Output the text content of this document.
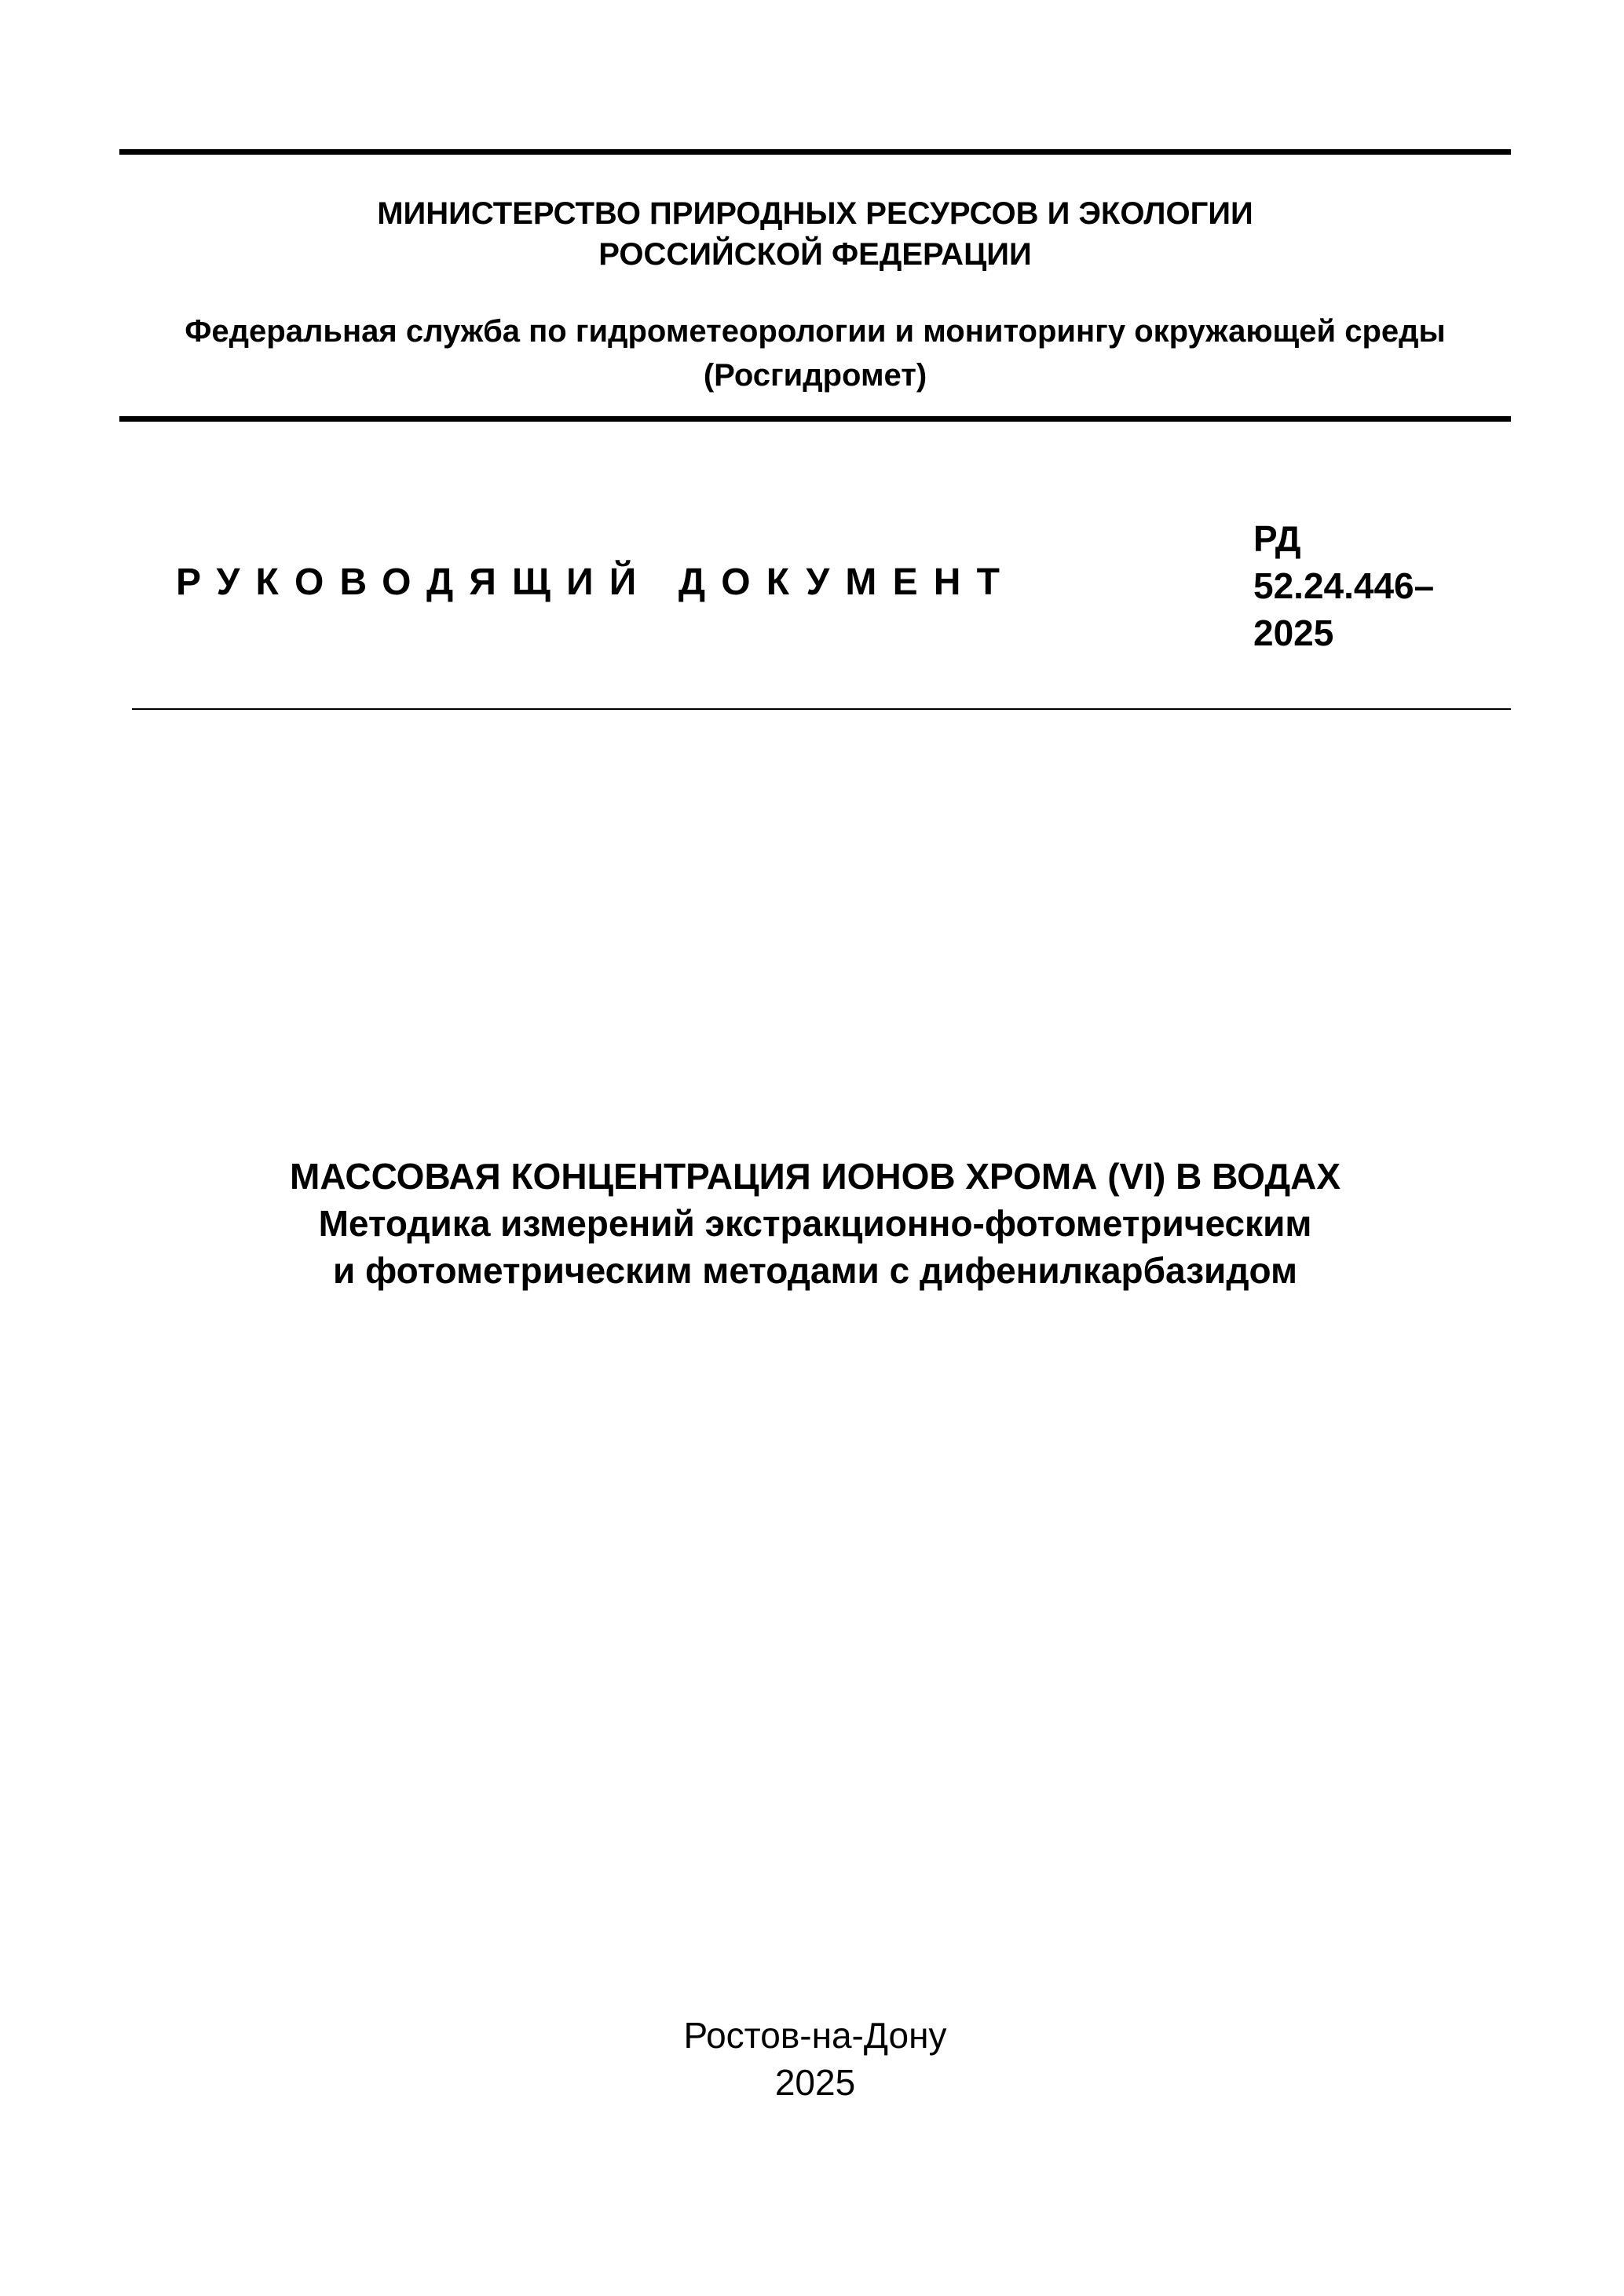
МИНИСТЕРСТВО ПРИРОДНЫХ РЕСУРСОВ И ЭКОЛОГИИ
РОССИЙСКОЙ ФЕДЕРАЦИИ
Федеральная служба по гидрометеорологии и мониторингу окружающей среды
(Росгидромет)
РУКОВОДЯЩИЙ ДОКУМЕНТ
РД
52.24.446–
2025
МАССОВАЯ КОНЦЕНТРАЦИЯ ИОНОВ ХРОМА (VI) В ВОДАХ
Методика измерений экстракционно-фотометрическим
и фотометрическим методами с дифенилкарбазидом
Ростов-на-Дону
2025
